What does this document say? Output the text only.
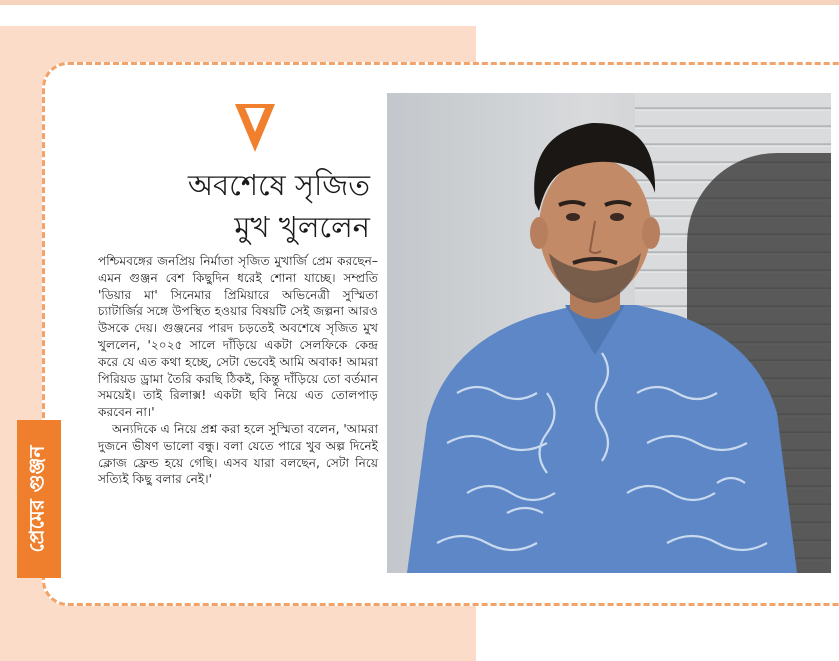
অবশেষে সৃজিত
মুখ খুললেন

পশ্চিমবঙ্গের জনপ্রিয় নির্মাতা সৃজিত মুখার্জি প্রেম করছেন– এমন গুঞ্জন বেশ কিছুদিন ধরেই শোনা যাচ্ছে। সম্প্রতি 'ডিয়ার মা' সিনেমার প্রিমিয়ারে অভিনেত্রী সুস্মিতা চ্যাটার্জির সঙ্গে উপস্থিত হওয়ার বিষয়টি সেই জল্পনা আরও উসকে দেয়। গুঞ্জনের পারদ চড়তেই অবশেষে সৃজিত মুখ খুললেন, '২০২৫ সালে দাঁড়িয়ে একটা সেলফিকে কেন্দ্র করে যে এত কথা হচ্ছে, সেটা ভেবেই আমি অবাক! আমরা পিরিয়ড ড্রামা তৈরি করছি ঠিকই, কিন্তু দাঁড়িয়ে তো বর্তমান সময়েই। তাই রিলাক্স! একটা ছবি নিয়ে এত তোলপাড় করবেন না।'

অন্যদিকে এ নিয়ে প্রশ্ন করা হলে সুস্মিতা বলেন, 'আমরা দুজনে ভীষণ ভালো বন্ধু। বলা যেতে পারে খুব অল্প দিনেই ক্লোজ ফ্রেন্ড হয়ে গেছি। এসব যারা বলছেন, সেটা নিয়ে সত্যিই কিছু বলার নেই।'

প্রেমের গুঞ্জন
